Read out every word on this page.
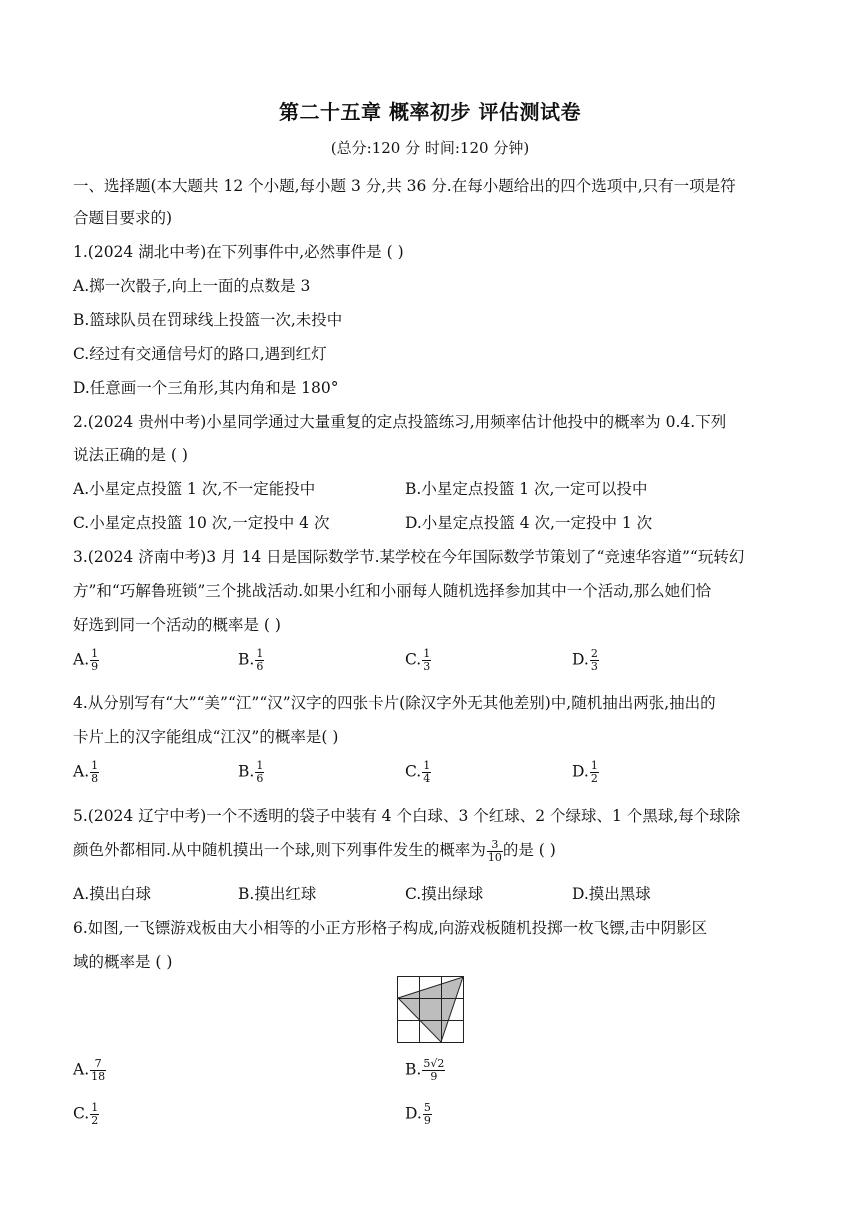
第二十五章 概率初步 评估测试卷
(总分:120 分 时间:120 分钟)
一、选择题(本大题共 12 个小题,每小题 3 分,共 36 分.在每小题给出的四个选项中,只有一项是符
合题目要求的)
1.(2024 湖北中考)在下列事件中,必然事件是 ( )
A.掷一次骰子,向上一面的点数是 3
B.篮球队员在罚球线上投篮一次,未投中
C.经过有交通信号灯的路口,遇到红灯
D.任意画一个三角形,其内角和是 180°
2.(2024 贵州中考)小星同学通过大量重复的定点投篮练习,用频率估计他投中的概率为 0.4.下列
说法正确的是 ( )
A.小星定点投篮 1 次,不一定能投中	B.小星定点投篮 1 次,一定可以投中
C.小星定点投篮 10 次,一定投中 4 次	D.小星定点投篮 4 次,一定投中 1 次
3.(2024 济南中考)3 月 14 日是国际数学节.某学校在今年国际数学节策划了“竞速华容道”“玩转幻
方”和“巧解鲁班锁”三个挑战活动.如果小红和小丽每人随机选择参加其中一个活动,那么她们恰
好选到同一个活动的概率是 ( )
A. $\frac{1}{9}$	B. $\frac{1}{6}$	C. $\frac{1}{3}$	D. $\frac{2}{3}$
4.从分别写有“大”“美”“江”“汉”汉字的四张卡片(除汉字外无其他差别)中,随机抽出两张,抽出的
卡片上的汉字能组成“江汉”的概率是( )
A. $\frac{1}{8}$	B. $\frac{1}{6}$	C. $\frac{1}{4}$	D. $\frac{1}{2}$
5.(2024 辽宁中考)一个不透明的袋子中装有 4 个白球、3 个红球、2 个绿球、1 个黑球,每个球除
颜色外都相同.从中随机摸出一个球,则下列事件发生的概率为 $\frac{3}{10}$ 的是 ( )
A.摸出白球	B.摸出红球	C.摸出绿球	D.摸出黑球
6.如图,一飞镖游戏板由大小相等的小正方形格子构成,向游戏板随机投掷一枚飞镖,击中阴影区
域的概率是 ( )
A. $\frac{7}{18}$	B. $\frac{5√2}{9}$
C. $\frac{1}{2}$	D. $\frac{5}{9}$
